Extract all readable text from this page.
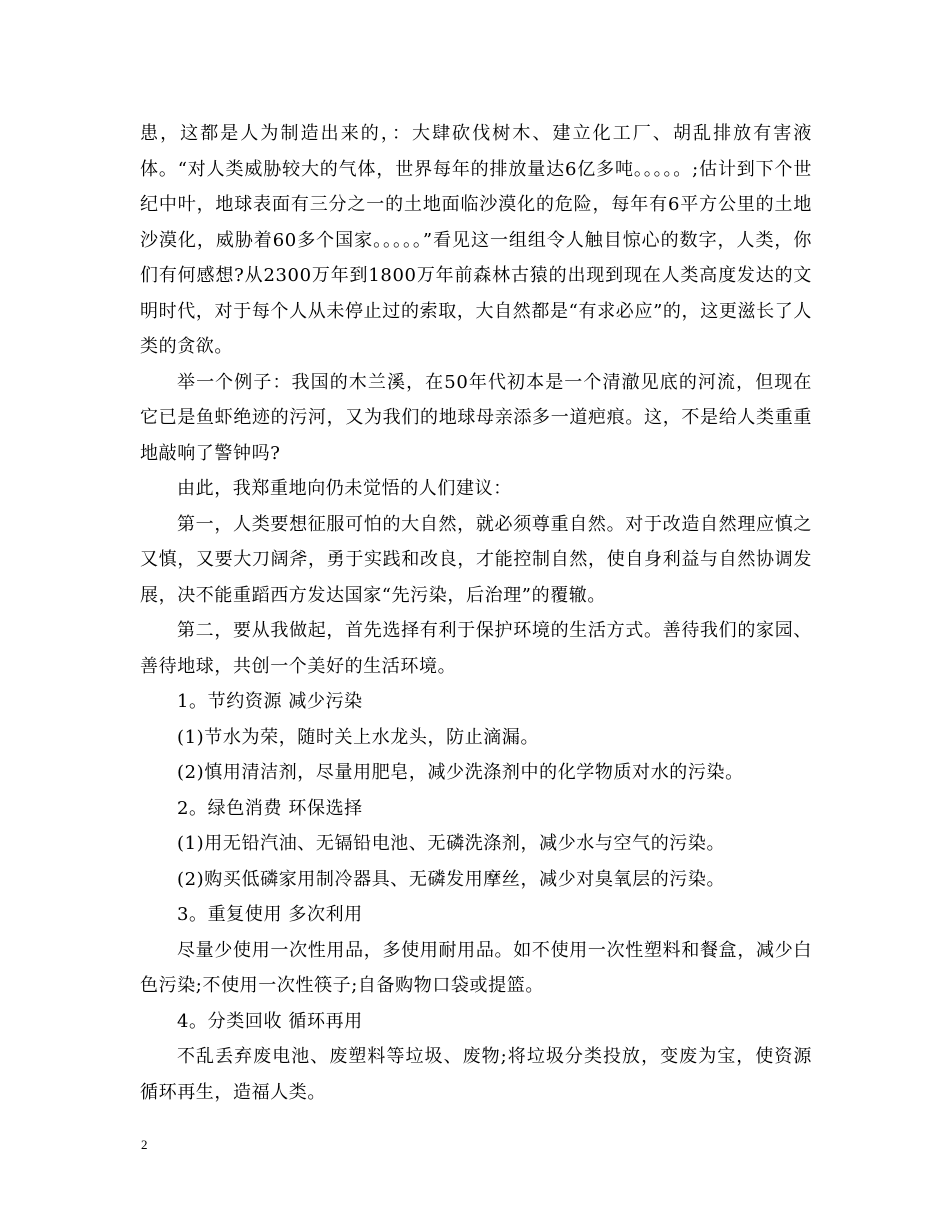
患，这都是人为制造出来的，：大肆砍伐树木、建立化工厂、胡乱排放有害液体。“对人类威胁较大的气体，世界每年的排放量达6亿多吨。。。。。;估计到下个世纪中叶，地球表面有三分之一的土地面临沙漠化的危险，每年有6平方公里的土地沙漠化，威胁着60多个国家。。。。。”看见这一组组令人触目惊心的数字，人类，你们有何感想?从2300万年到1800万年前森林古猿的出现到现在人类高度发达的文明时代，对于每个人从未停止过的索取，大自然都是“有求必应”的，这更滋长了人类的贪欲。

举一个例子：我国的木兰溪，在50年代初本是一个清澈见底的河流，但现在它已是鱼虾绝迹的污河，又为我们的地球母亲添多一道疤痕。这，不是给人类重重地敲响了警钟吗?

由此，我郑重地向仍未觉悟的人们建议：

第一，人类要想征服可怕的大自然，就必须尊重自然。对于改造自然理应慎之又慎，又要大刀阔斧，勇于实践和改良，才能控制自然，使自身利益与自然协调发展，决不能重蹈西方发达国家“先污染，后治理”的覆辙。

第二，要从我做起，首先选择有利于保护环境的生活方式。善待我们的家园、善待地球，共创一个美好的生活环境。

1。节约资源 减少污染

(1)节水为荣，随时关上水龙头，防止滴漏。

(2)慎用清洁剂，尽量用肥皂，减少洗涤剂中的化学物质对水的污染。

2。绿色消费 环保选择

(1)用无铅汽油、无镉铅电池、无磷洗涤剂，减少水与空气的污染。

(2)购买低磷家用制冷器具、无磷发用摩丝，减少对臭氧层的污染。

3。重复使用 多次利用

尽量少使用一次性用品，多使用耐用品。如不使用一次性塑料和餐盒，减少白色污染;不使用一次性筷子;自备购物口袋或提篮。

4。分类回收 循环再用

不乱丢弃废电池、废塑料等垃圾、废物;将垃圾分类投放，变废为宝，使资源循环再生，造福人类。

2
